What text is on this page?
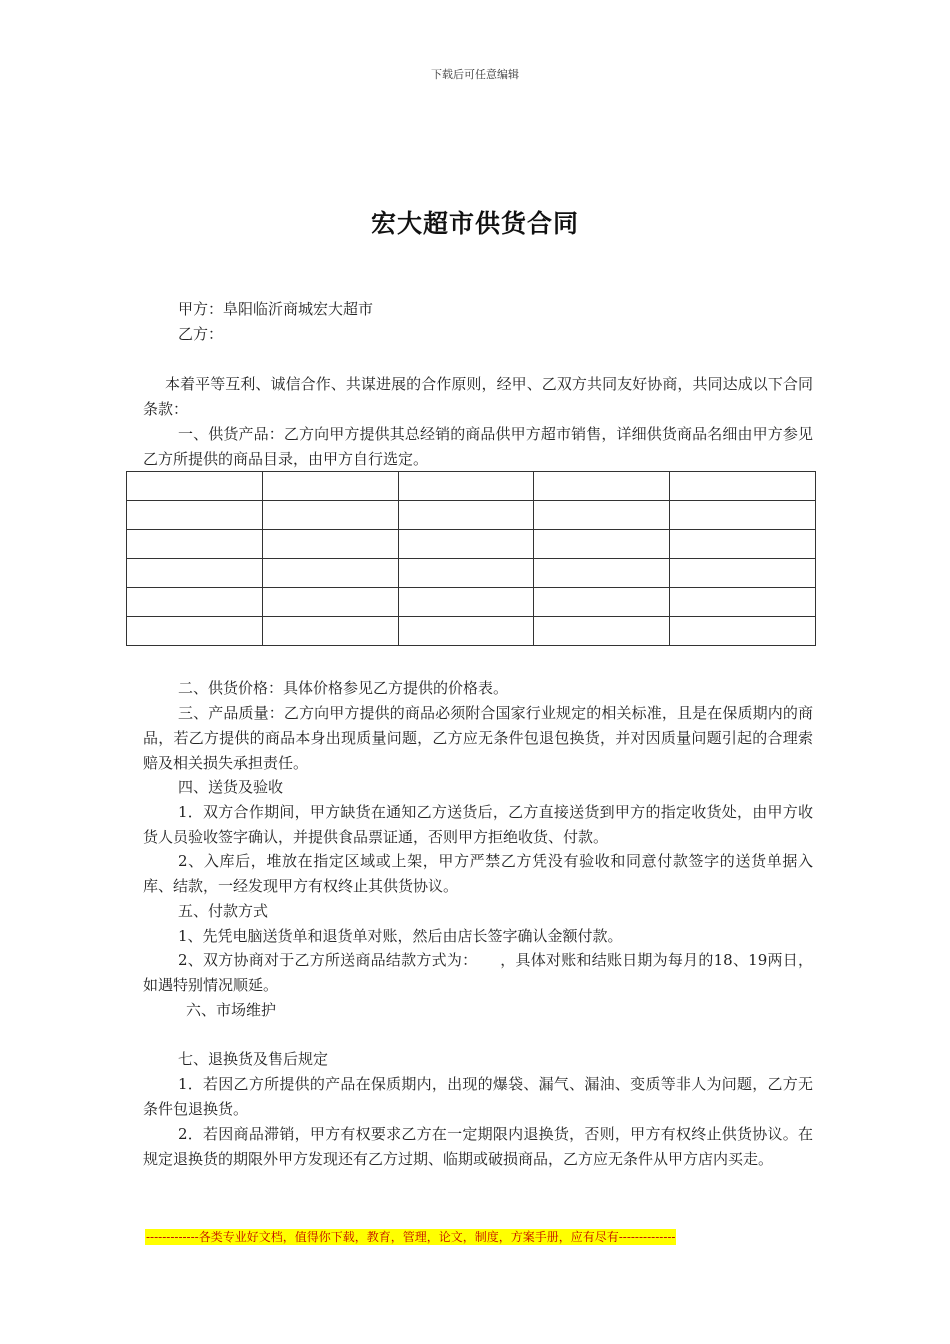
下载后可任意编辑
宏大超市供货合同

甲方：阜阳临沂商城宏大超市

乙方：

本着平等互利、诚信合作、共谋进展的合作原则，经甲、乙双方共同友好协商，共同达成以下合同条款：

一、供货产品：乙方向甲方提供其总经销的商品供甲方超市销售，详细供货商品名细由甲方参见乙方所提供的商品目录，由甲方自行选定。

二、供货价格：具体价格参见乙方提供的价格表。

三、产品质量：乙方向甲方提供的商品必须附合国家行业规定的相关标准，且是在保质期内的商品，若乙方提供的商品本身出现质量问题，乙方应无条件包退包换货，并对因质量问题引起的合理索赔及相关损失承担责任。

四、送货及验收

1．双方合作期间，甲方缺货在通知乙方送货后，乙方直接送货到甲方的指定收货处，由甲方收货人员验收签字确认，并提供食品票证通，否则甲方拒绝收货、付款。

2、入库后，堆放在指定区域或上架，甲方严禁乙方凭没有验收和同意付款签字的送货单据入库、结款，一经发现甲方有权终止其供货协议。

五、付款方式

1、先凭电脑送货单和退货单对账，然后由店长签字确认金额付款。

2、双方协商对于乙方所送商品结款方式为：　　，具体对账和结账日期为每月的18、19两日，如遇特别情况顺延。

六、市场维护

七、退换货及售后规定

1．若因乙方所提供的产品在保质期内，出现的爆袋、漏气、漏油、变质等非人为问题，乙方无条件包退换货。

2．若因商品滞销，甲方有权要求乙方在一定期限内退换货，否则，甲方有权终止供货协议。在规定退换货的期限外甲方发现还有乙方过期、临期或破损商品，乙方应无条件从甲方店内买走。

-------------各类专业好文档，值得你下载，教育，管理，论文，制度，方案手册，应有尽有--------------
